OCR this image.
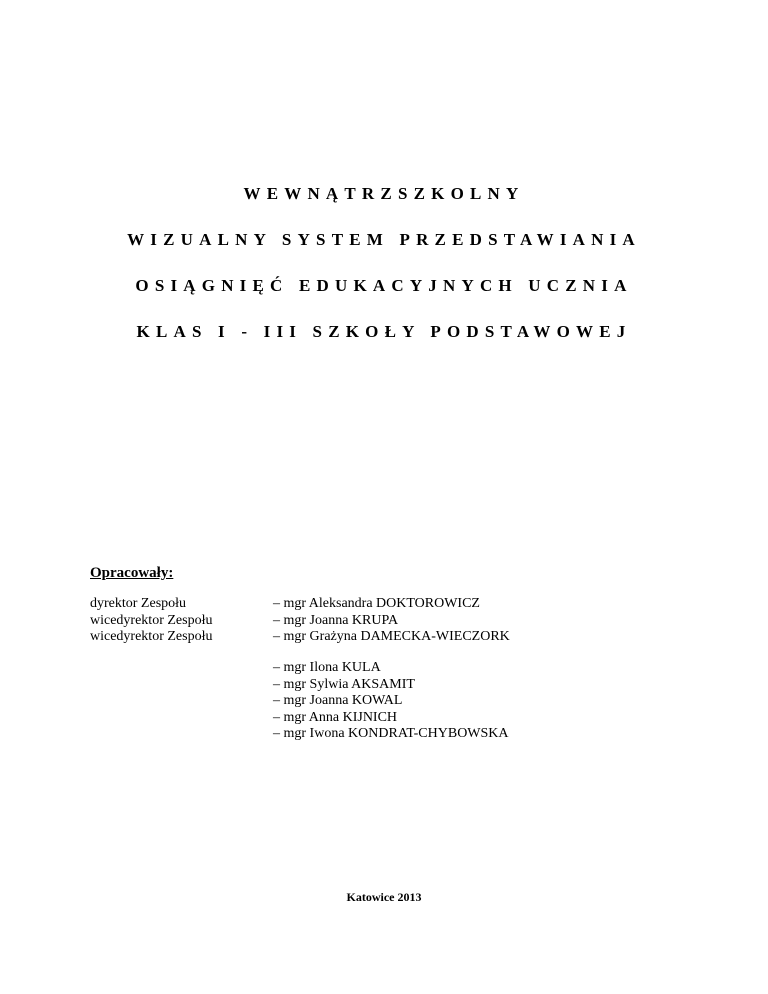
WEWNĄTRZSZKOLNY
WIZUALNY SYSTEM PRZEDSTAWIANIA
OSIĄGNIĘĆ EDUKACYJNYCH UCZNIA
KLAS I - III SZKOŁY PODSTAWOWEJ

Opracowały:

dyrektor Zespołu
wicedyrektor Zespołu
wicedyrektor Zespołu
– mgr Aleksandra DOKTOROWICZ
– mgr Joanna KRUPA
– mgr Grażyna DAMECKA-WIECZORK
– mgr Ilona KULA
– mgr Sylwia AKSAMIT
– mgr Joanna KOWAL
– mgr Anna KIJNICH
– mgr Iwona KONDRAT-CHYBOWSKA
Katowice 2013
